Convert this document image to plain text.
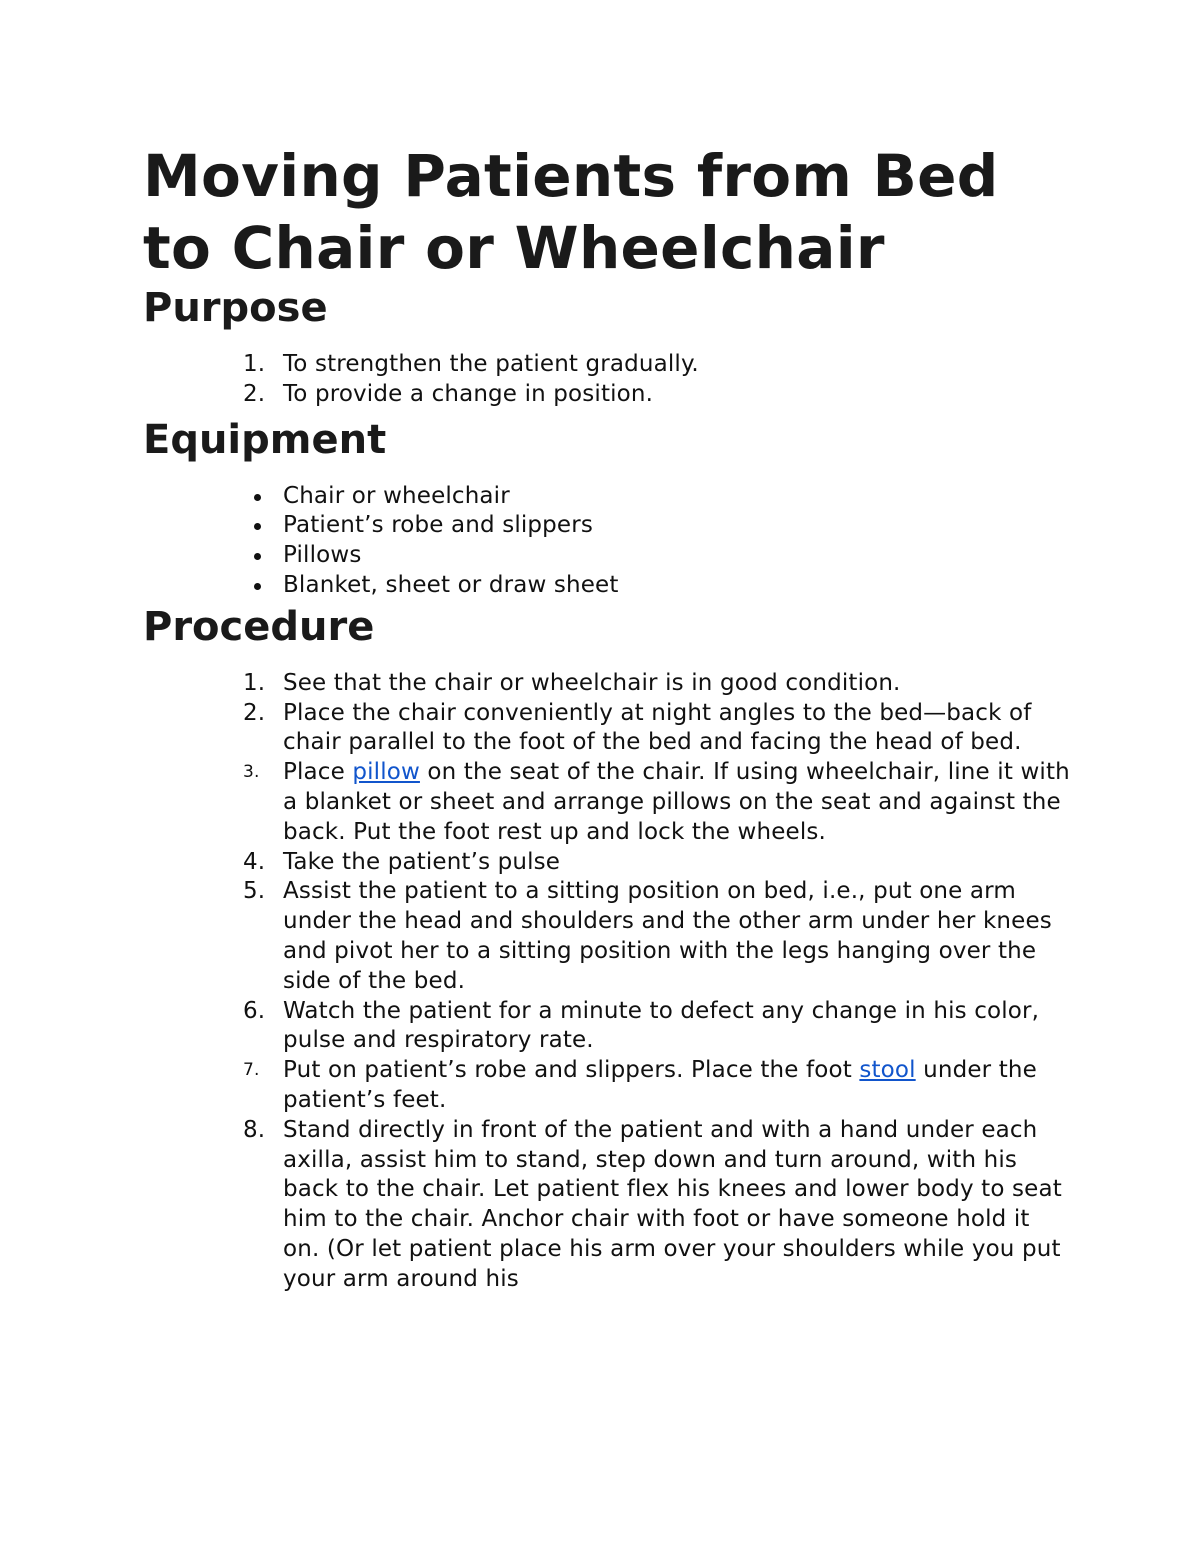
Moving Patients from Bed to Chair or Wheelchair
Purpose
1. To strengthen the patient gradually.
2. To provide a change in position.
Equipment
Chair or wheelchair
Patient’s robe and slippers
Pillows
Blanket, sheet or draw sheet
Procedure
1. See that the chair or wheelchair is in good condition.
2. Place the chair conveniently at night angles to the bed—back of chair parallel to the foot of the bed and facing the head of bed.
3.	Place pillow on the seat of the chair. If using wheelchair, line it with a blanket or sheet and arrange pillows on the seat and against the back. Put the foot rest up and lock the wheels.
4. Take the patient’s pulse
5. Assist the patient to a sitting position on bed, i.e., put one arm under the head and shoulders and the other arm under her knees and pivot her to a sitting position with the legs hanging over the side of the bed.
6. Watch the patient for a minute to defect any change in his color, pulse and respiratory rate.
7.	Put on patient’s robe and slippers. Place the foot stool under the patient’s feet.
8. Stand directly in front of the patient and with a hand under each axilla, assist him to stand, step down and turn around, with his back to the chair. Let patient flex his knees and lower body to seat him to the chair. Anchor chair with foot or have someone hold it on. (Or let patient place his arm over your shoulders while you put your arm around his
